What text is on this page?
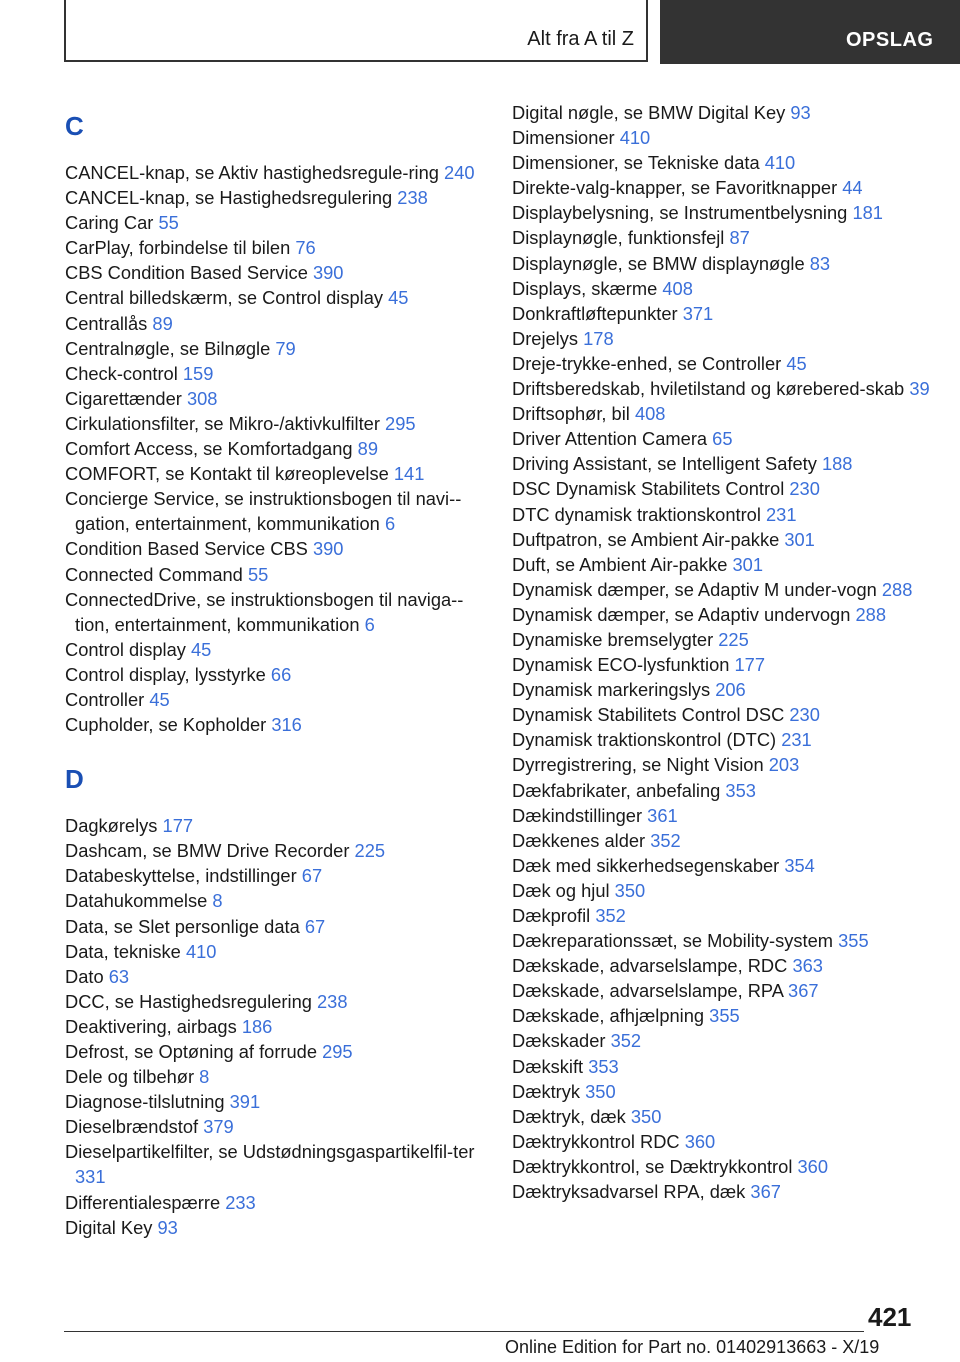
Alt fra A til Z	OPSLAG
C
CANCEL-knap, se Aktiv hastighedsregule-ring 240
CANCEL-knap, se Hastighedsregulering 238
Caring Car 55
CarPlay, forbindelse til bilen 76
CBS Condition Based Service 390
Central billedskærm, se Control display 45
Centrallås 89
Centralnøgle, se Bilnøgle 79
Check-control 159
Cigarettænder 308
Cirkulationsfilter, se Mikro-/aktivkulfilter 295
Comfort Access, se Komfortadgang 89
COMFORT, se Kontakt til køreoplevelse 141
Concierge Service, se instruktionsbogen til navi-gation, entertainment, kommunikation 6
Condition Based Service CBS 390
Connected Command 55
ConnectedDrive, se instruktionsbogen til naviga-tion, entertainment, kommunikation 6
Control display 45
Control display, lysstyrke 66
Controller 45
Cupholder, se Kopholder 316
D
Dagkørelys 177
Dashcam, se BMW Drive Recorder 225
Databeskyttelse, indstillinger 67
Datahukommelse 8
Data, se Slet personlige data 67
Data, tekniske 410
Dato 63
DCC, se Hastighedsregulering 238
Deaktivering, airbags 186
Defrost, se Optøning af forrude 295
Dele og tilbehør 8
Diagnose-tilslutning 391
Dieselbrændstof 379
Dieselpartikelfilter, se Udstødningsgaspartikelfil-ter 331
Differentialespærre 233
Digital Key 93
Digital nøgle, se BMW Digital Key 93
Dimensioner 410
Dimensioner, se Tekniske data 410
Direkte-valg-knapper, se Favoritknapper 44
Displaybelysning, se Instrumentbelysning 181
Displaynøgle, funktionsfejl 87
Displaynøgle, se BMW displaynøgle 83
Displays, skærme 408
Donkraftløftepunkter 371
Drejelys 178
Dreje-trykke-enhed, se Controller 45
Driftsberedskab, hviletilstand og kørebered-skab 39
Driftsophør, bil 408
Driver Attention Camera 65
Driving Assistant, se Intelligent Safety 188
DSC Dynamisk Stabilitets Control 230
DTC dynamisk traktionskontrol 231
Duftpatron, se Ambient Air-pakke 301
Duft, se Ambient Air-pakke 301
Dynamisk dæmper, se Adaptiv M under-vogn 288
Dynamisk dæmper, se Adaptiv undervogn 288
Dynamiske bremselygter 225
Dynamisk ECO-lysfunktion 177
Dynamisk markeringslys 206
Dynamisk Stabilitets Control DSC 230
Dynamisk traktionskontrol (DTC) 231
Dyrregistrering, se Night Vision 203
Dækfabrikater, anbefaling 353
Dækindstillinger 361
Dækkenes alder 352
Dæk med sikkerhedsegenskaber 354
Dæk og hjul 350
Dækprofil 352
Dækreparationssæt, se Mobility-system 355
Dækskade, advarselslampe, RDC 363
Dækskade, advarselslampe, RPA 367
Dækskade, afhjælpning 355
Dækskader 352
Dækskift 353
Dæktryk 350
Dæktryk, dæk 350
Dæktrykkontrol RDC 360
Dæktrykkontrol, se Dæktrykkontrol 360
Dæktryksadvarsel RPA, dæk 367
421
Online Edition for Part no. 01402913663 - X/19
